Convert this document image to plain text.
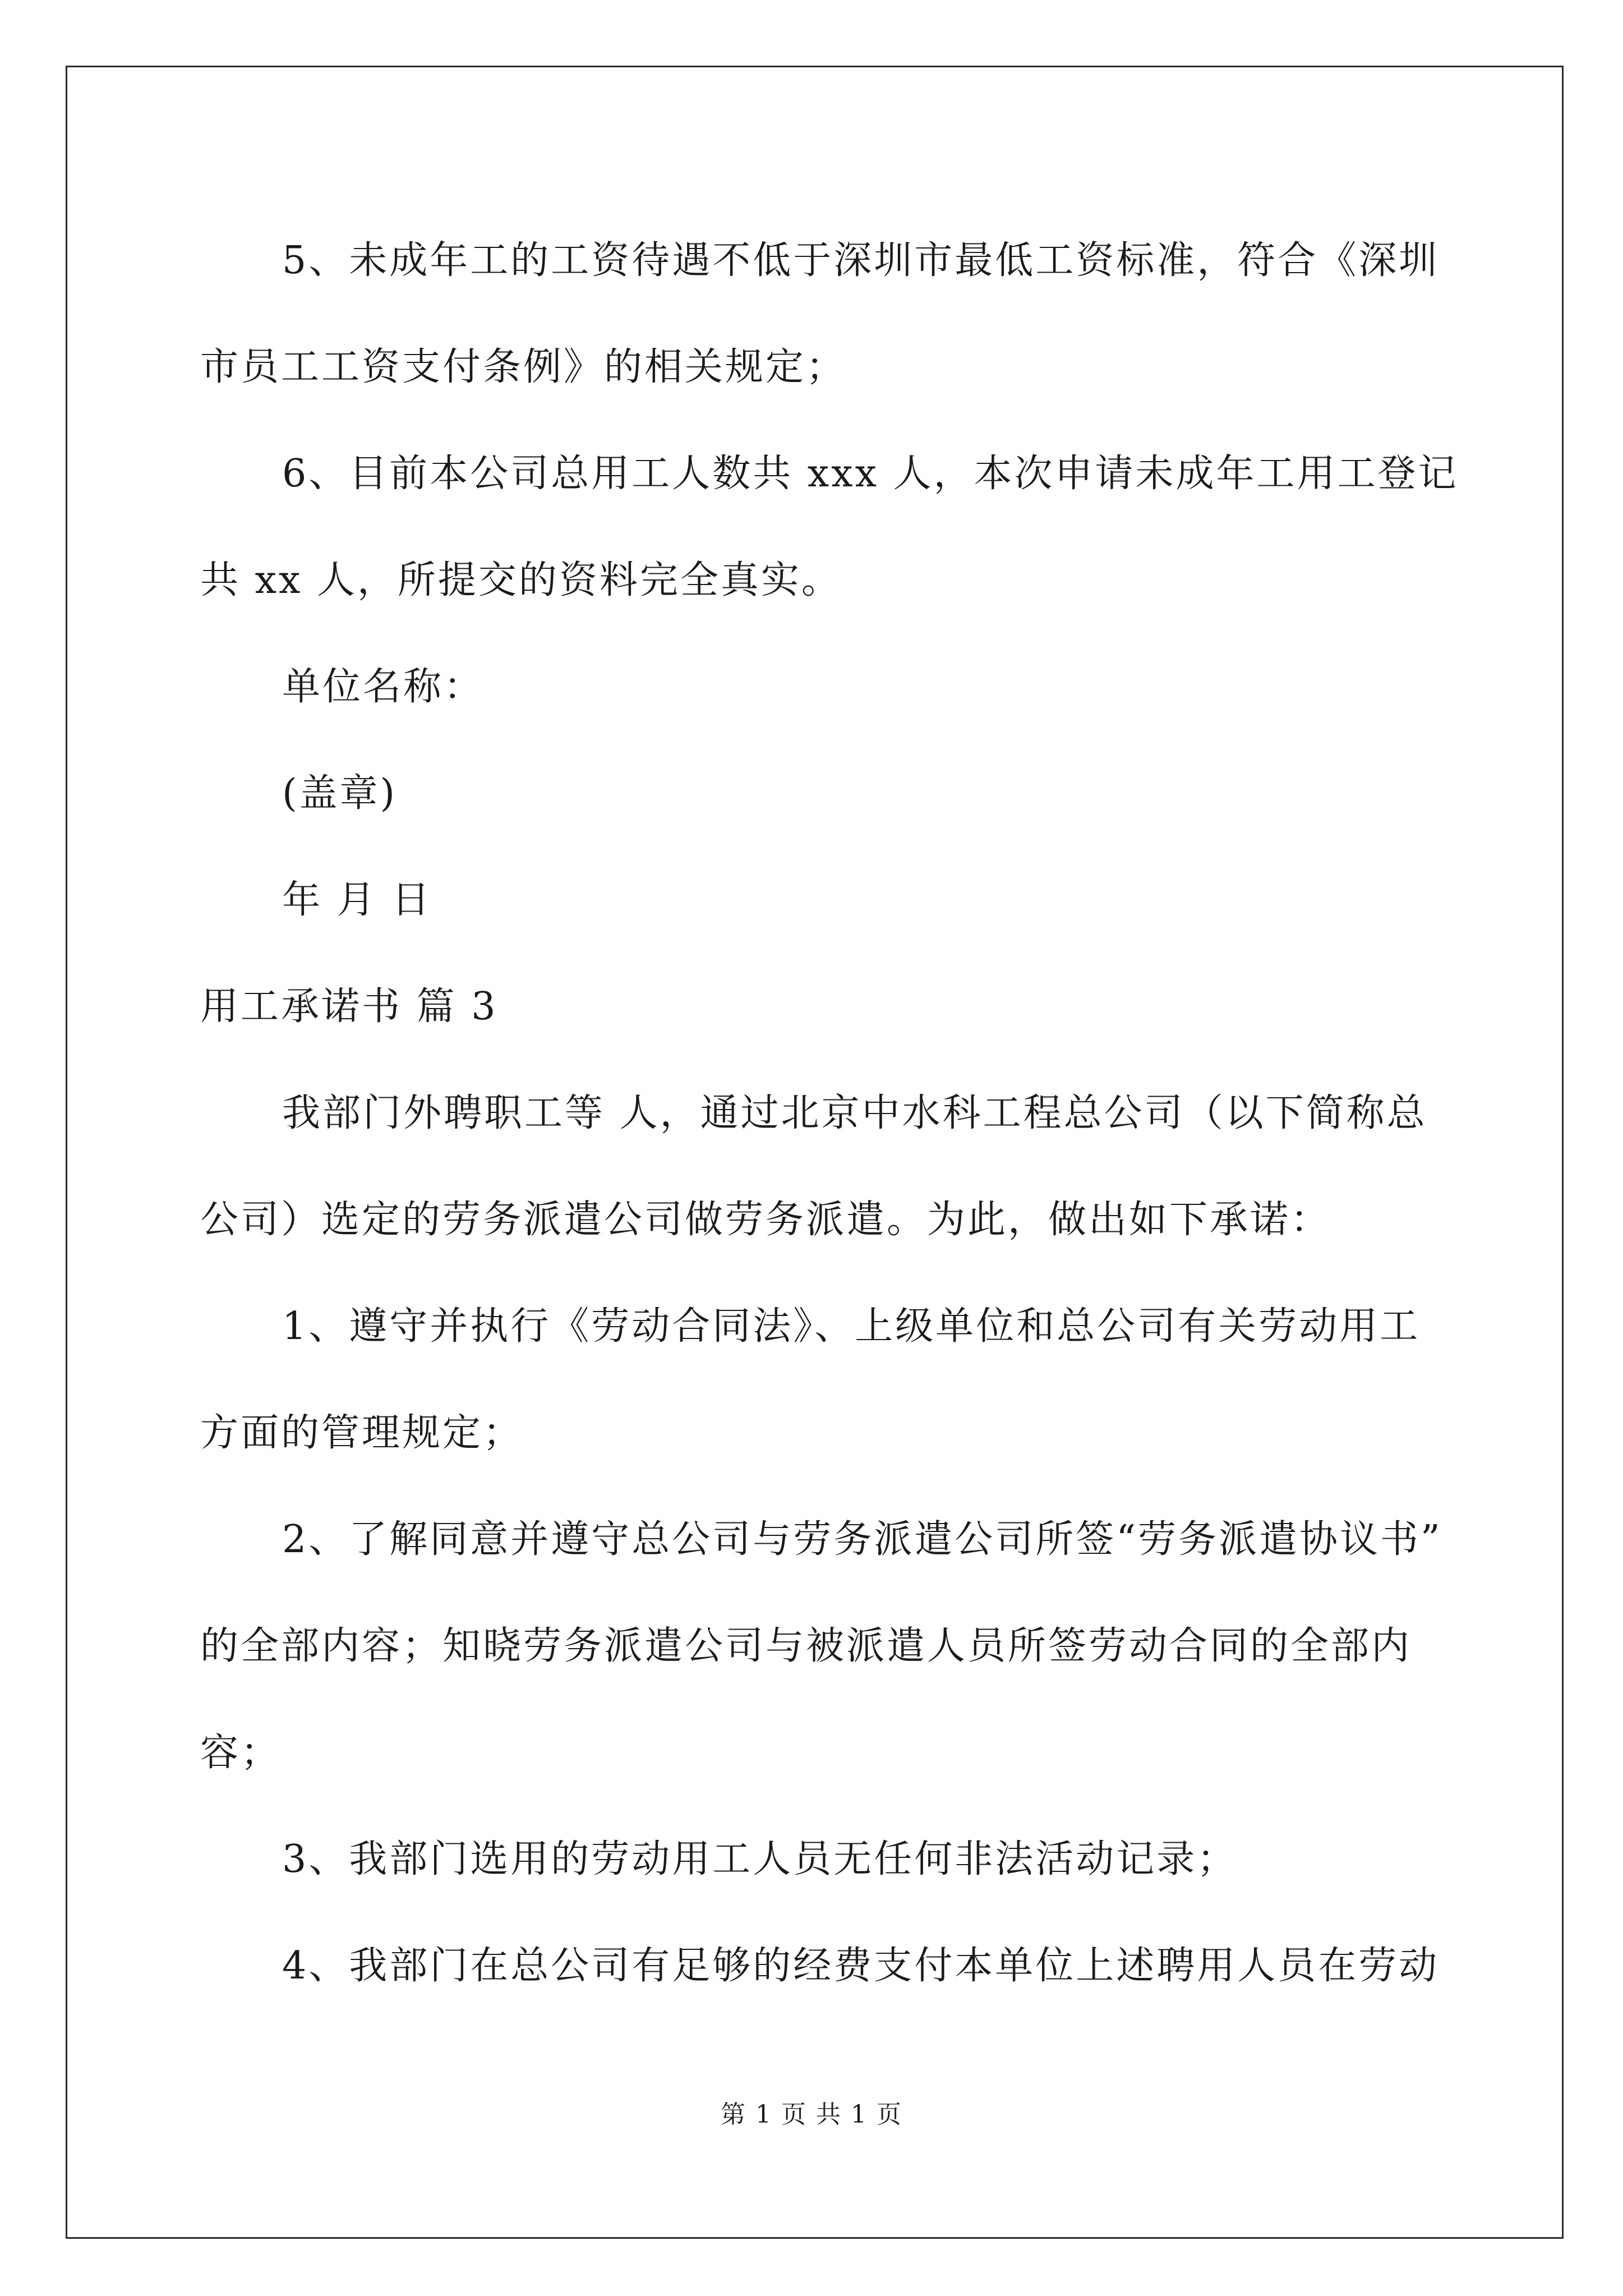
5、未成年工的工资待遇不低于深圳市最低工资标准，符合《深圳
市员工工资支付条例》的相关规定；
6、目前本公司总用工人数共 xxx 人，本次申请未成年工用工登记
共 xx 人，所提交的资料完全真实。
单位名称：
(盖章)
年 月 日
用工承诺书 篇 3
我部门外聘职工等 人，通过北京中水科工程总公司（以下简称总
公司）选定的劳务派遣公司做劳务派遣。为此，做出如下承诺：
1、遵守并执行《劳动合同法》、上级单位和总公司有关劳动用工
方面的管理规定；
2、了解同意并遵守总公司与劳务派遣公司所签“劳务派遣协议书”
的全部内容；知晓劳务派遣公司与被派遣人员所签劳动合同的全部内
容；
3、我部门选用的劳动用工人员无任何非法活动记录；
4、我部门在总公司有足够的经费支付本单位上述聘用人员在劳动
第 1 页 共 1 页
